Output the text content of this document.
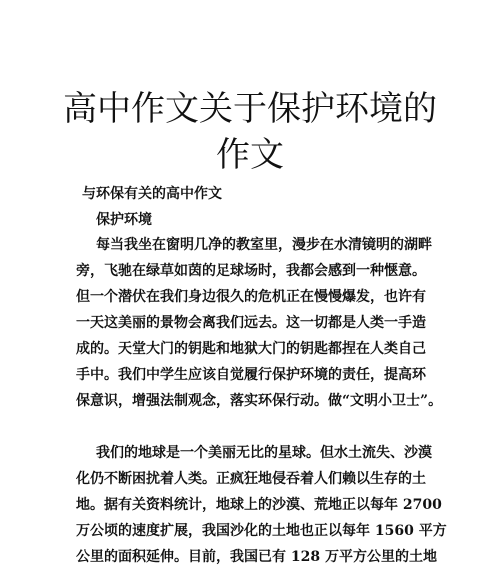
高中作文关于保护环境的
作文
与环保有关的高中作文
保护环境
每当我坐在窗明几净的教室里，漫步在水清镜明的湖畔
旁，飞驰在绿草如茵的足球场时，我都会感到一种惬意。
但一个潜伏在我们身边很久的危机正在慢慢爆发，也许有
一天这美丽的景物会离我们远去。这一切都是人类一手造
成的。天堂大门的钥匙和地狱大门的钥匙都捏在人类自己
手中。我们中学生应该自觉履行保护环境的责任，提高环
保意识，增强法制观念，落实环保行动。做“文明小卫士”。
我们的地球是一个美丽无比的星球。但水土流失、沙漠
化仍不断困扰着人类。正疯狂地侵吞着人们赖以生存的土
地。据有关资料统计，地球上的沙漠、荒地正以每年 2700
万公顷的速度扩展，我国沙化的土地也正以每年 1560 平方
公里的面积延伸。目前，我国已有 128 万平方公里的土地
